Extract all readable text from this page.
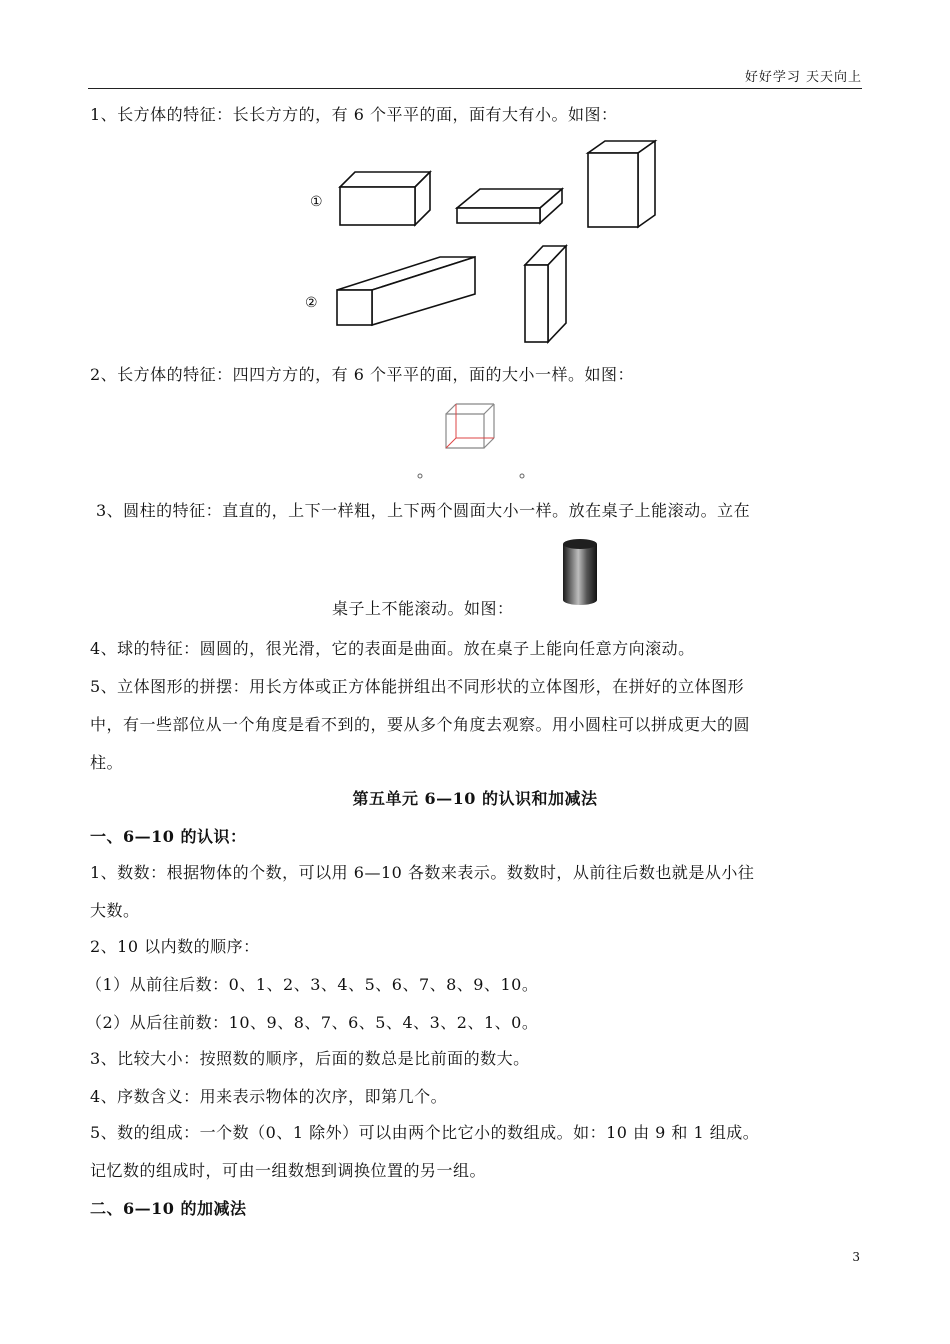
好好学习 天天向上
1、长方体的特征：长长方方的，有 6 个平平的面，面有大有小。如图：
①
②
2、长方体的特征：四四方方的，有 6 个平平的面，面的大小一样。如图：
3、圆柱的特征：直直的，上下一样粗，上下两个圆面大小一样。放在桌子上能滚动。立在
桌子上不能滚动。如图：
4、球的特征：圆圆的，很光滑，它的表面是曲面。放在桌子上能向任意方向滚动。
5、立体图形的拼摆：用长方体或正方体能拼组出不同形状的立体图形，在拼好的立体图形
中，有一些部位从一个角度是看不到的，要从多个角度去观察。用小圆柱可以拼成更大的圆
柱。
第五单元 6—10 的认识和加减法
一、6—10 的认识：
1、数数：根据物体的个数，可以用 6—10 各数来表示。数数时，从前往后数也就是从小往
大数。
2、10 以内数的顺序：
（1）从前往后数：0、1、2、3、4、5、6、7、8、9、10。
（2）从后往前数：10、9、8、7、6、5、4、3、2、1、0。
3、比较大小：按照数的顺序，后面的数总是比前面的数大。
4、序数含义：用来表示物体的次序，即第几个。
5、数的组成：一个数（0、1 除外）可以由两个比它小的数组成。如：10 由 9 和 1 组成。
记忆数的组成时，可由一组数想到调换位置的另一组。
二、6—10 的加减法
3
